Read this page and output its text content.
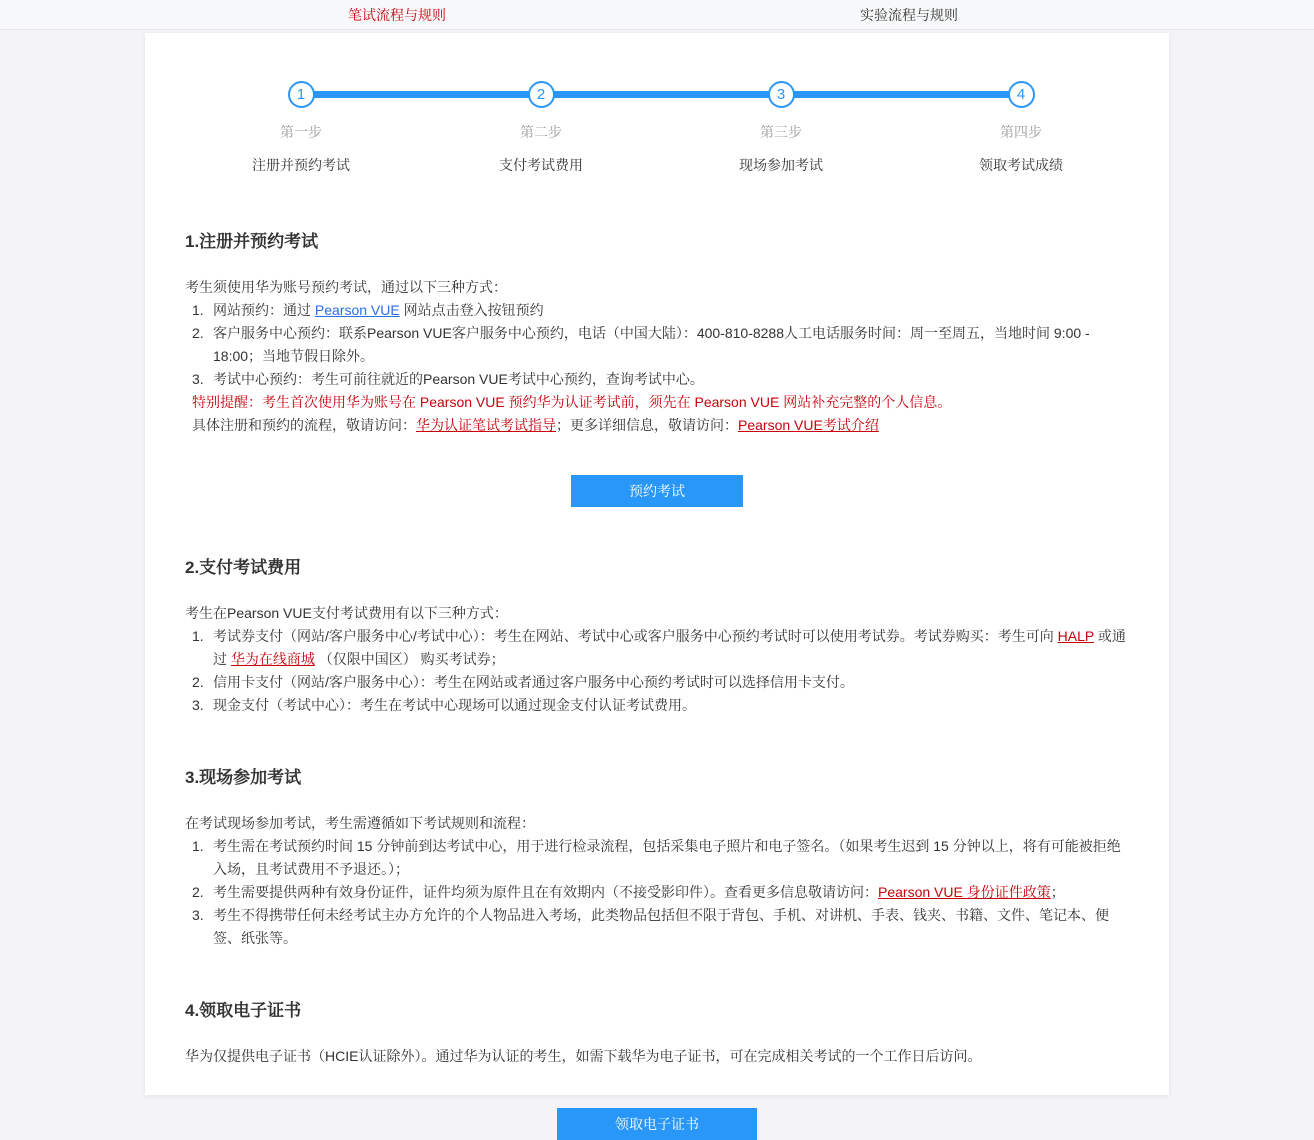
笔试流程与规则	实验流程与规则
1
第一步
注册并预约考试
2
第二步
支付考试费用
3
第三步
现场参加考试
4
第四步
领取考试成绩
1.注册并预约考试

考生须使用华为账号预约考试，通过以下三种方式：

1. 网站预约：通过 Pearson VUE 网站点击登入按钮预约
2. 客户服务中心预约：联系Pearson VUE客户服务中心预约，电话（中国大陆）：400-810-8288人工电话服务时间：周一至周五，当地时间 9:00 - 18:00；当地节假日除外。
3. 考试中心预约：考生可前往就近的Pearson VUE考试中心预约，查询考试中心。
特别提醒：考生首次使用华为账号在 Pearson VUE 预约华为认证考试前，须先在 Pearson VUE 网站补充完整的个人信息。
具体注册和预约的流程，敬请访问：华为认证笔试考试指导；更多详细信息，敬请访问：Pearson VUE考试介绍
预约考试
2.支付考试费用

考生在Pearson VUE支付考试费用有以下三种方式：

1. 考试券支付（网站/客户服务中心/考试中心）：考生在网站、考试中心或客户服务中心预约考试时可以使用考试券。考试券购买：考生可向 HALP 或通过 华为在线商城 （仅限中国区） 购买考试券；
2. 信用卡支付（网站/客户服务中心）：考生在网站或者通过客户服务中心预约考试时可以选择信用卡支付。
3. 现金支付（考试中心）：考生在考试中心现场可以通过现金支付认证考试费用。
3.现场参加考试

在考试现场参加考试，考生需遵循如下考试规则和流程：

1. 考生需在考试预约时间 15 分钟前到达考试中心，用于进行检录流程，包括采集电子照片和电子签名。（如果考生迟到 15 分钟以上，将有可能被拒绝入场，且考试费用不予退还。）；
2. 考生需要提供两种有效身份证件，证件均须为原件且在有效期内（不接受影印件）。查看更多信息敬请访问：Pearson VUE 身份证件政策；
3. 考生不得携带任何未经考试主办方允许的个人物品进入考场，此类物品包括但不限于背包、手机、对讲机、手表、钱夹、书籍、文件、笔记本、便签、纸张等。
4.领取电子证书

华为仅提供电子证书（HCIE认证除外）。通过华为认证的考生，如需下载华为电子证书，可在完成相关考试的一个工作日后访问。

领取电子证书
